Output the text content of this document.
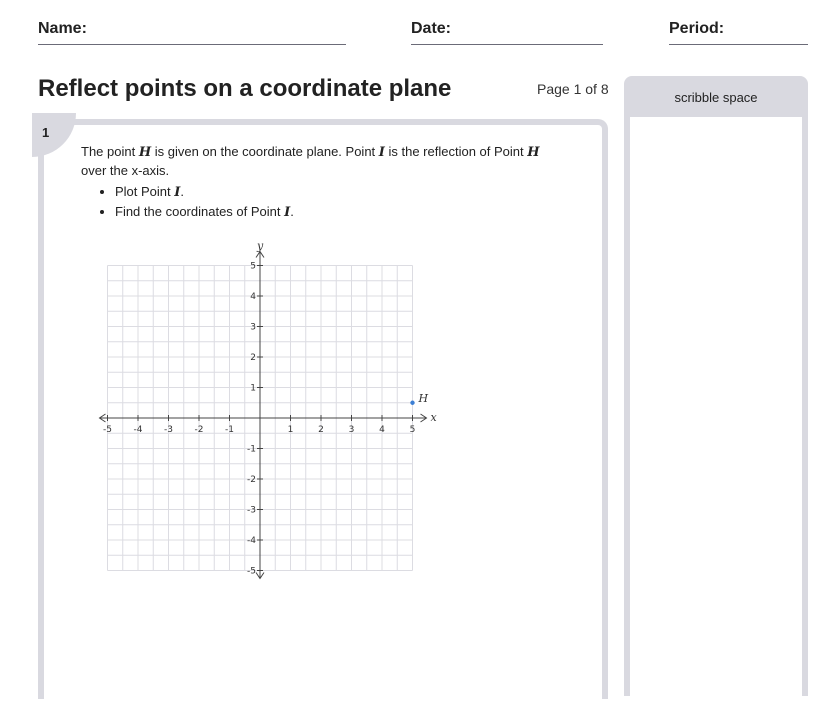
Name:	Date:	Period:
Reflect points on a coordinate plane	Page 1 of 8
1
The point H is given on the coordinate plane. Point I is the reflection of Point H
over the x-axis.
• Plot Point I.
• Find the coordinates of Point I.
-5 -4 -3 -2 -1	1	2	3	4	5
5
4
3
2
1
-1
-2
-3
-4
-5
x
y
H
scribble space
